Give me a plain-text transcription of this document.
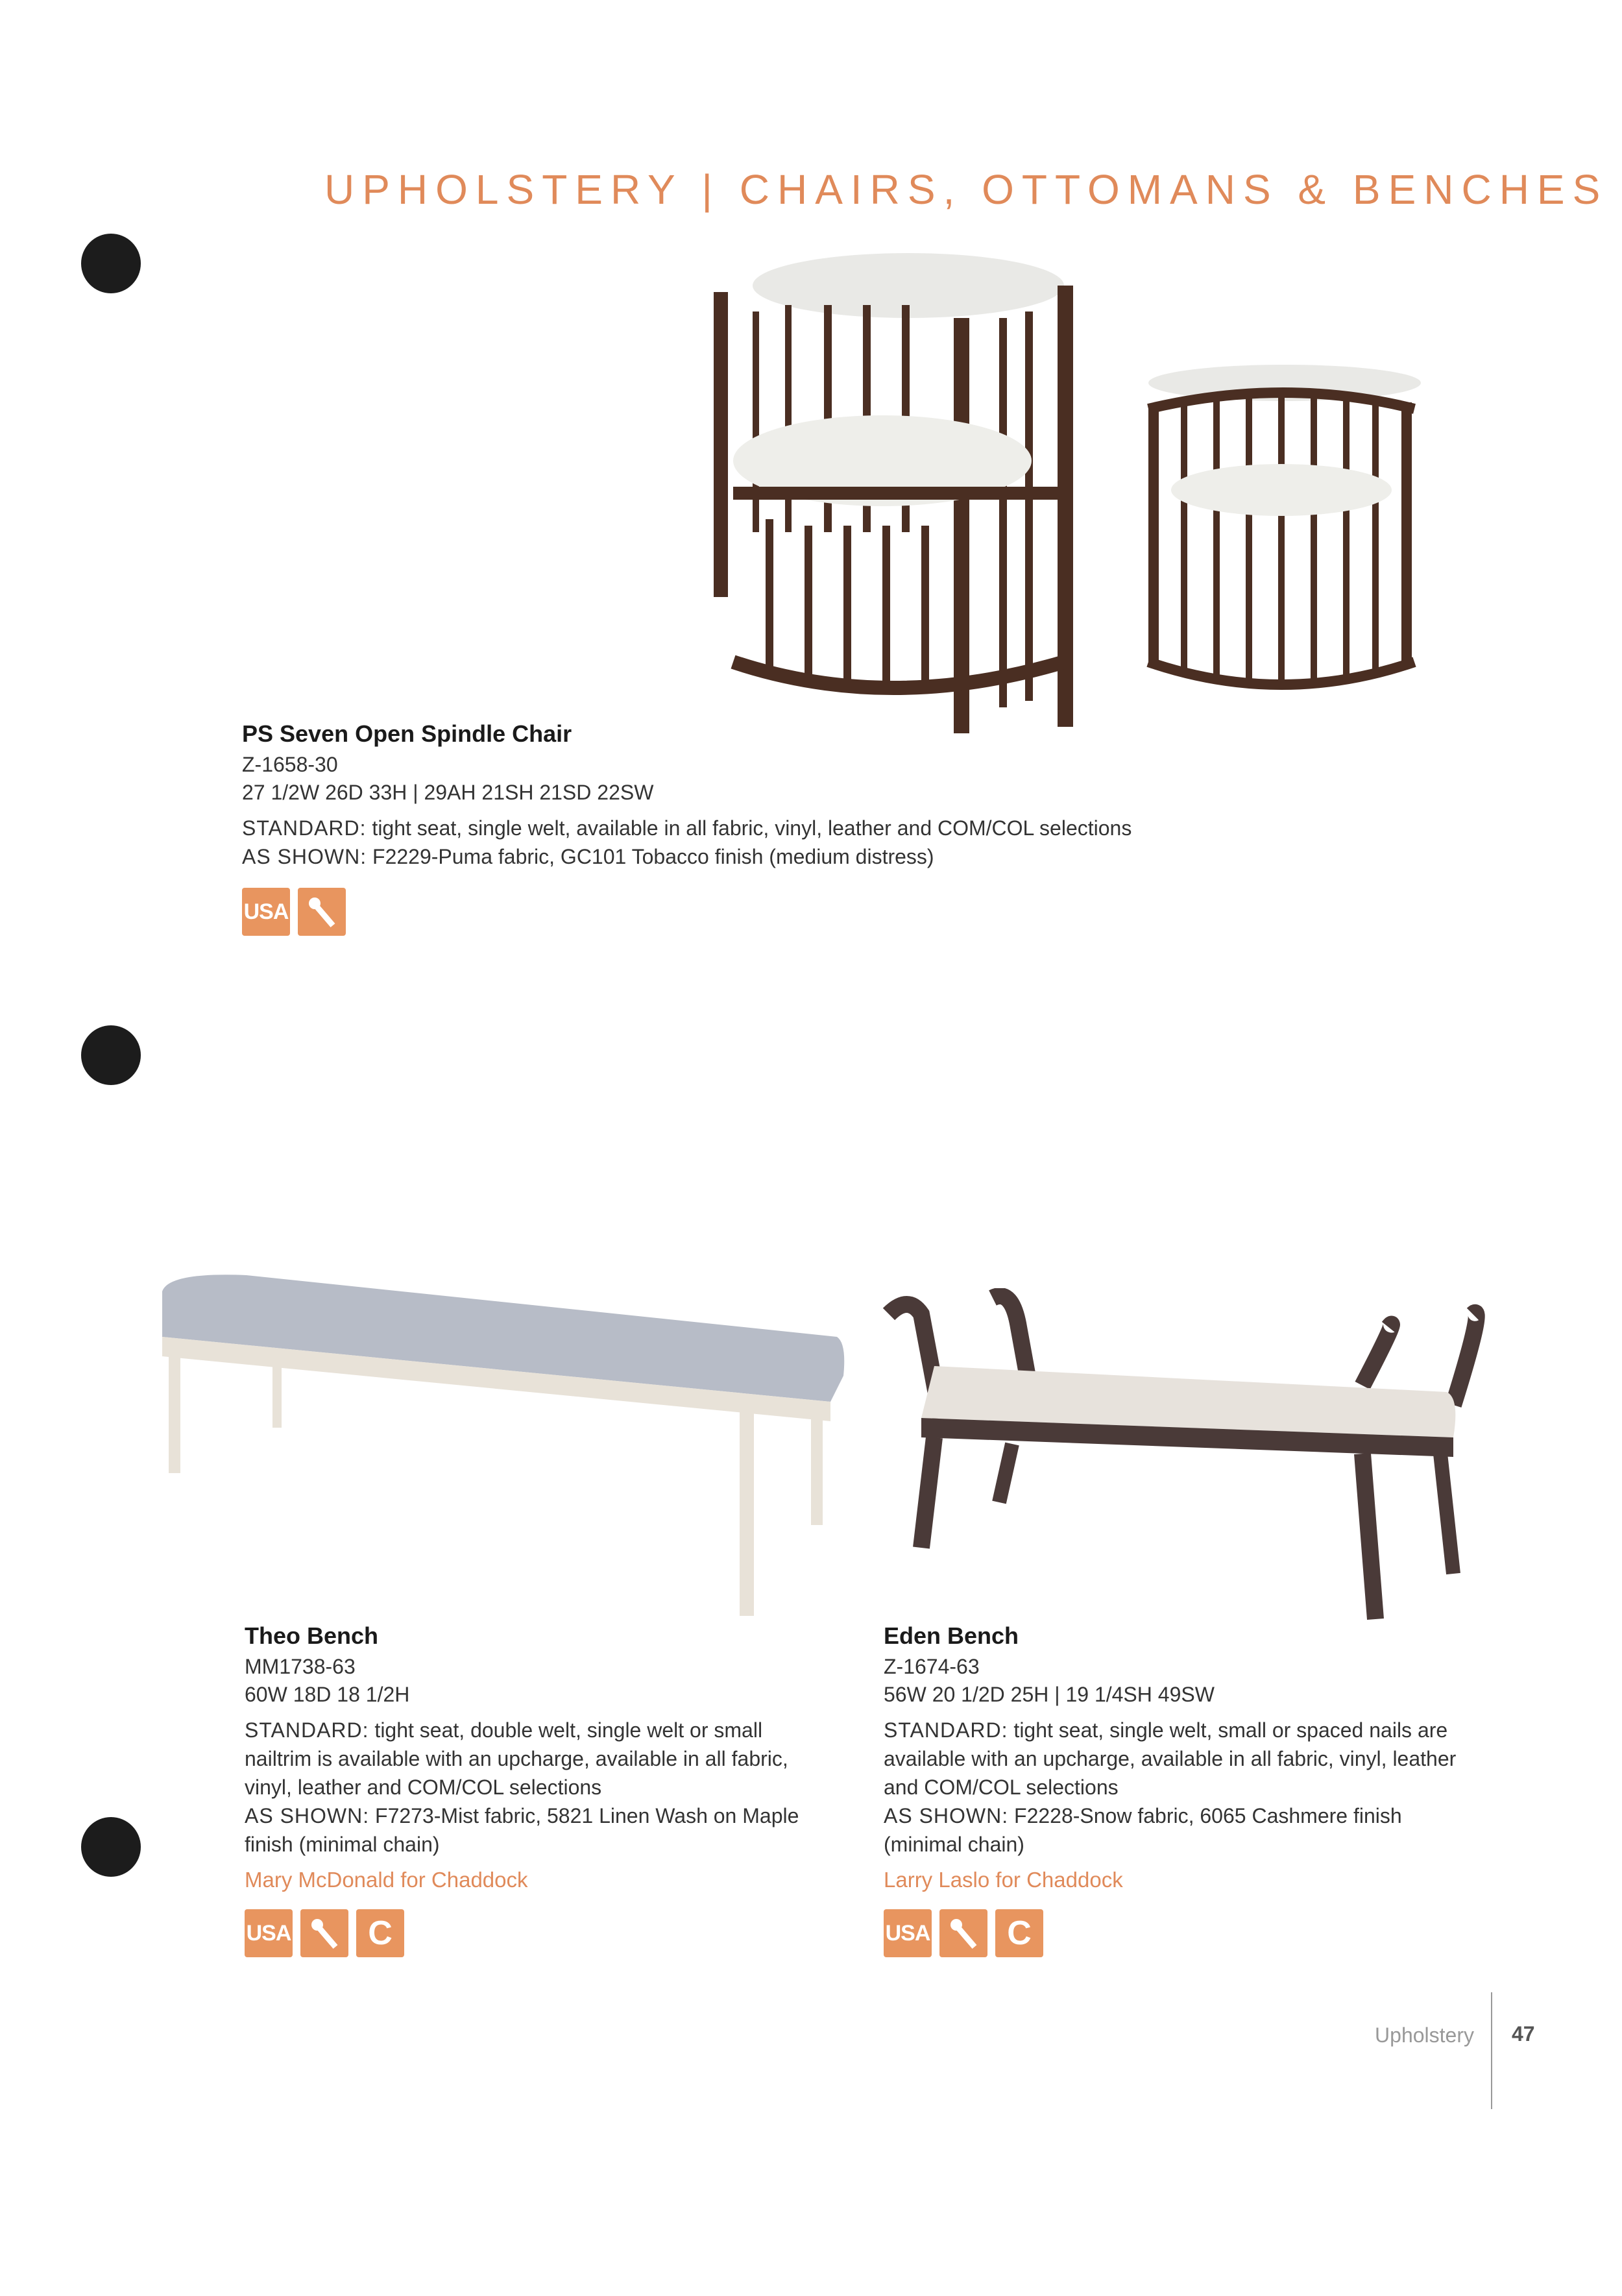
UPHOLSTERY | CHAIRS, OTTOMANS & BENCHES
PS Seven Open Spindle Chair
Z-1658-30
27 1/2W 26D 33H | 29AH 21SH 21SD 22SW
STANDARD: tight seat, single welt, available in all fabric, vinyl, leather and COM/COL selections
AS SHOWN: F2229-Puma fabric, GC101 Tobacco finish (medium distress)
USA
Theo Bench
MM1738-63
60W 18D 18 1/2H
STANDARD: tight seat, double welt, single welt or small nailtrim is available with an upcharge, available in all fabric, vinyl, leather and COM/COL selections
AS SHOWN: F7273-Mist fabric, 5821 Linen Wash on Maple finish (minimal chain)
Mary McDonald for Chaddock
USA	C
Eden Bench
Z-1674-63
56W 20 1/2D 25H | 19 1/4SH 49SW
STANDARD: tight seat, single welt, small or spaced nails are available with an upcharge, available in all fabric, vinyl, leather and COM/COL selections
AS SHOWN: F2228-Snow fabric, 6065 Cashmere finish (minimal chain)
Larry Laslo for Chaddock
USA	C
Upholstery 47
